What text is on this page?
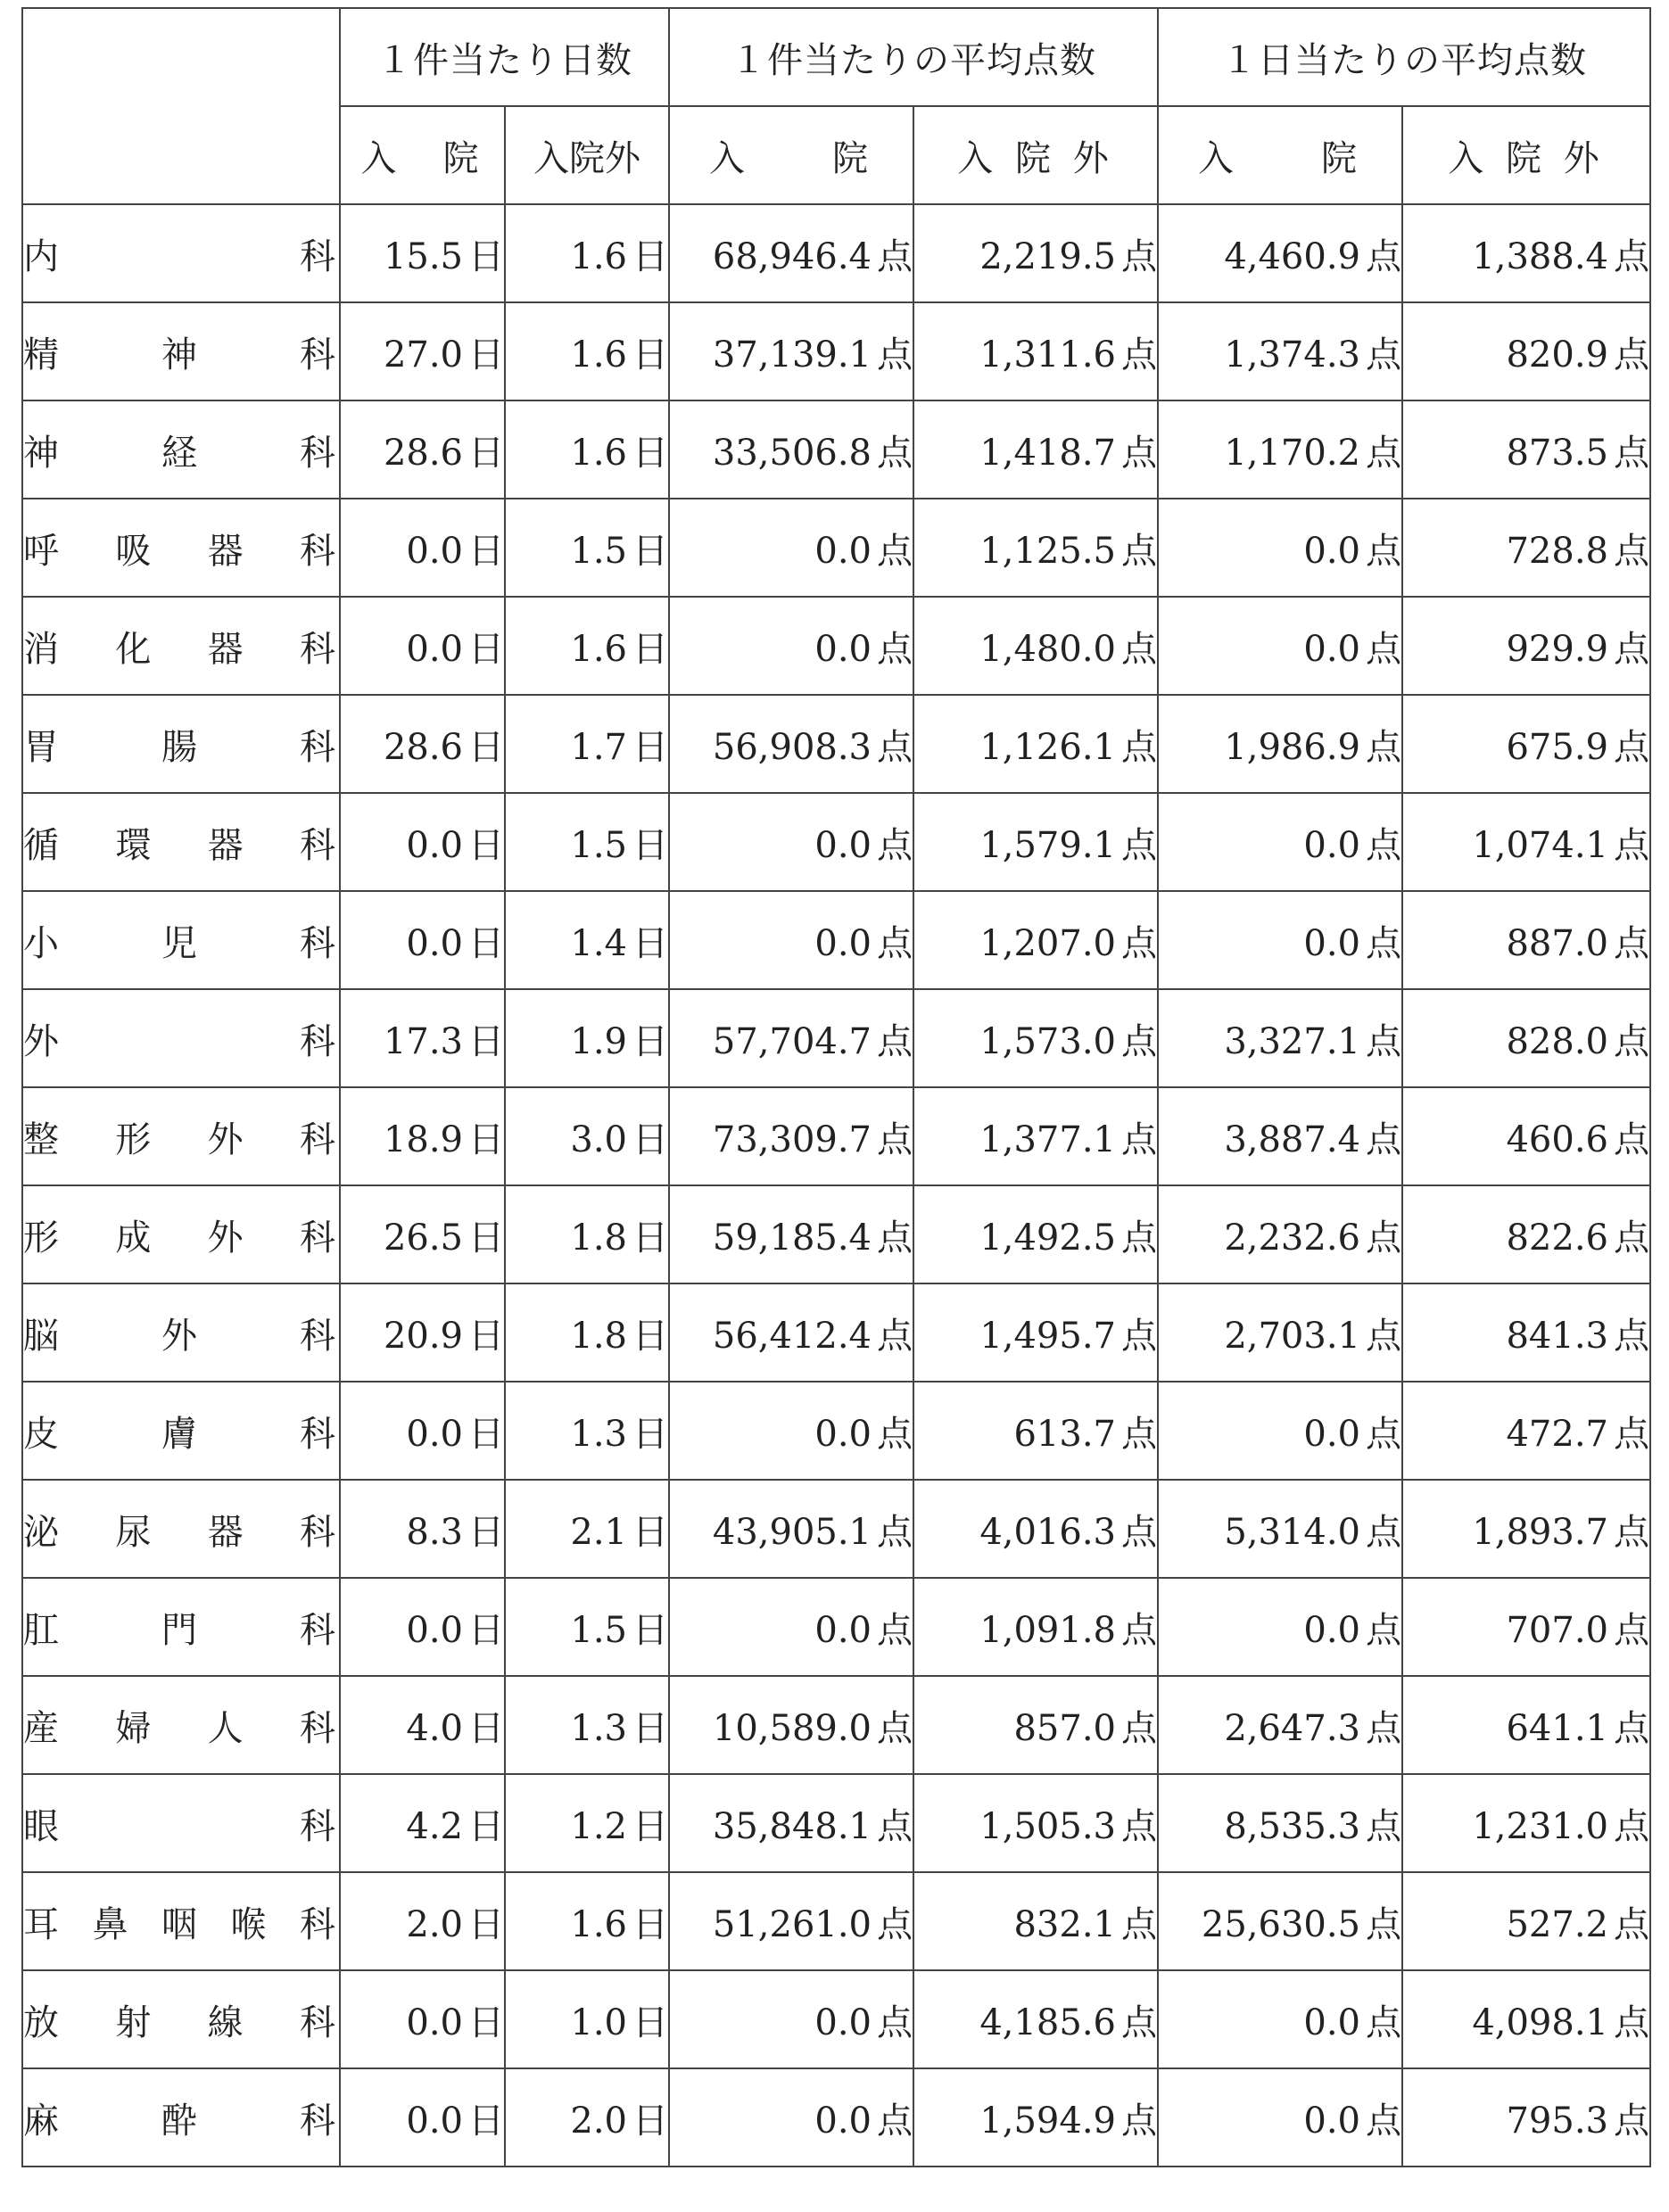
	１件当たり日数		１件当たりの平均点数		１日当たりの平均点数	
	入　院	入院外	入　　院	入 院 外	入　　院	入 院 外
内科	15.5 日	1.6 日	68,946.4 点	2,219.5 点	4,460.9 点	1,388.4 点
精神科	27.0 日	1.6 日	37,139.1 点	1,311.6 点	1,374.3 点	820.9 点
神経科	28.6 日	1.6 日	33,506.8 点	1,418.7 点	1,170.2 点	873.5 点
呼吸器科	0.0 日	1.5 日	0.0 点	1,125.5 点	0.0 点	728.8 点
消化器科	0.0 日	1.6 日	0.0 点	1,480.0 点	0.0 点	929.9 点
胃腸科	28.6 日	1.7 日	56,908.3 点	1,126.1 点	1,986.9 点	675.9 点
循環器科	0.0 日	1.5 日	0.0 点	1,579.1 点	0.0 点	1,074.1 点
小児科	0.0 日	1.4 日	0.0 点	1,207.0 点	0.0 点	887.0 点
外科	17.3 日	1.9 日	57,704.7 点	1,573.0 点	3,327.1 点	828.0 点
整形外科	18.9 日	3.0 日	73,309.7 点	1,377.1 点	3,887.4 点	460.6 点
形成外科	26.5 日	1.8 日	59,185.4 点	1,492.5 点	2,232.6 点	822.6 点
脳外科	20.9 日	1.8 日	56,412.4 点	1,495.7 点	2,703.1 点	841.3 点
皮膚科	0.0 日	1.3 日	0.0 点	613.7 点	0.0 点	472.7 点
泌尿器科	8.3 日	2.1 日	43,905.1 点	4,016.3 点	5,314.0 点	1,893.7 点
肛門科	0.0 日	1.5 日	0.0 点	1,091.8 点	0.0 点	707.0 点
産婦人科	4.0 日	1.3 日	10,589.0 点	857.0 点	2,647.3 点	641.1 点
眼科	4.2 日	1.2 日	35,848.1 点	1,505.3 点	8,535.3 点	1,231.0 点
耳鼻咽喉科	2.0 日	1.6 日	51,261.0 点	832.1 点	25,630.5 点	527.2 点
放射線科	0.0 日	1.0 日	0.0 点	4,185.6 点	0.0 点	4,098.1 点
麻酔科	0.0 日	2.0 日	0.0 点	1,594.9 点	0.0 点	795.3 点
